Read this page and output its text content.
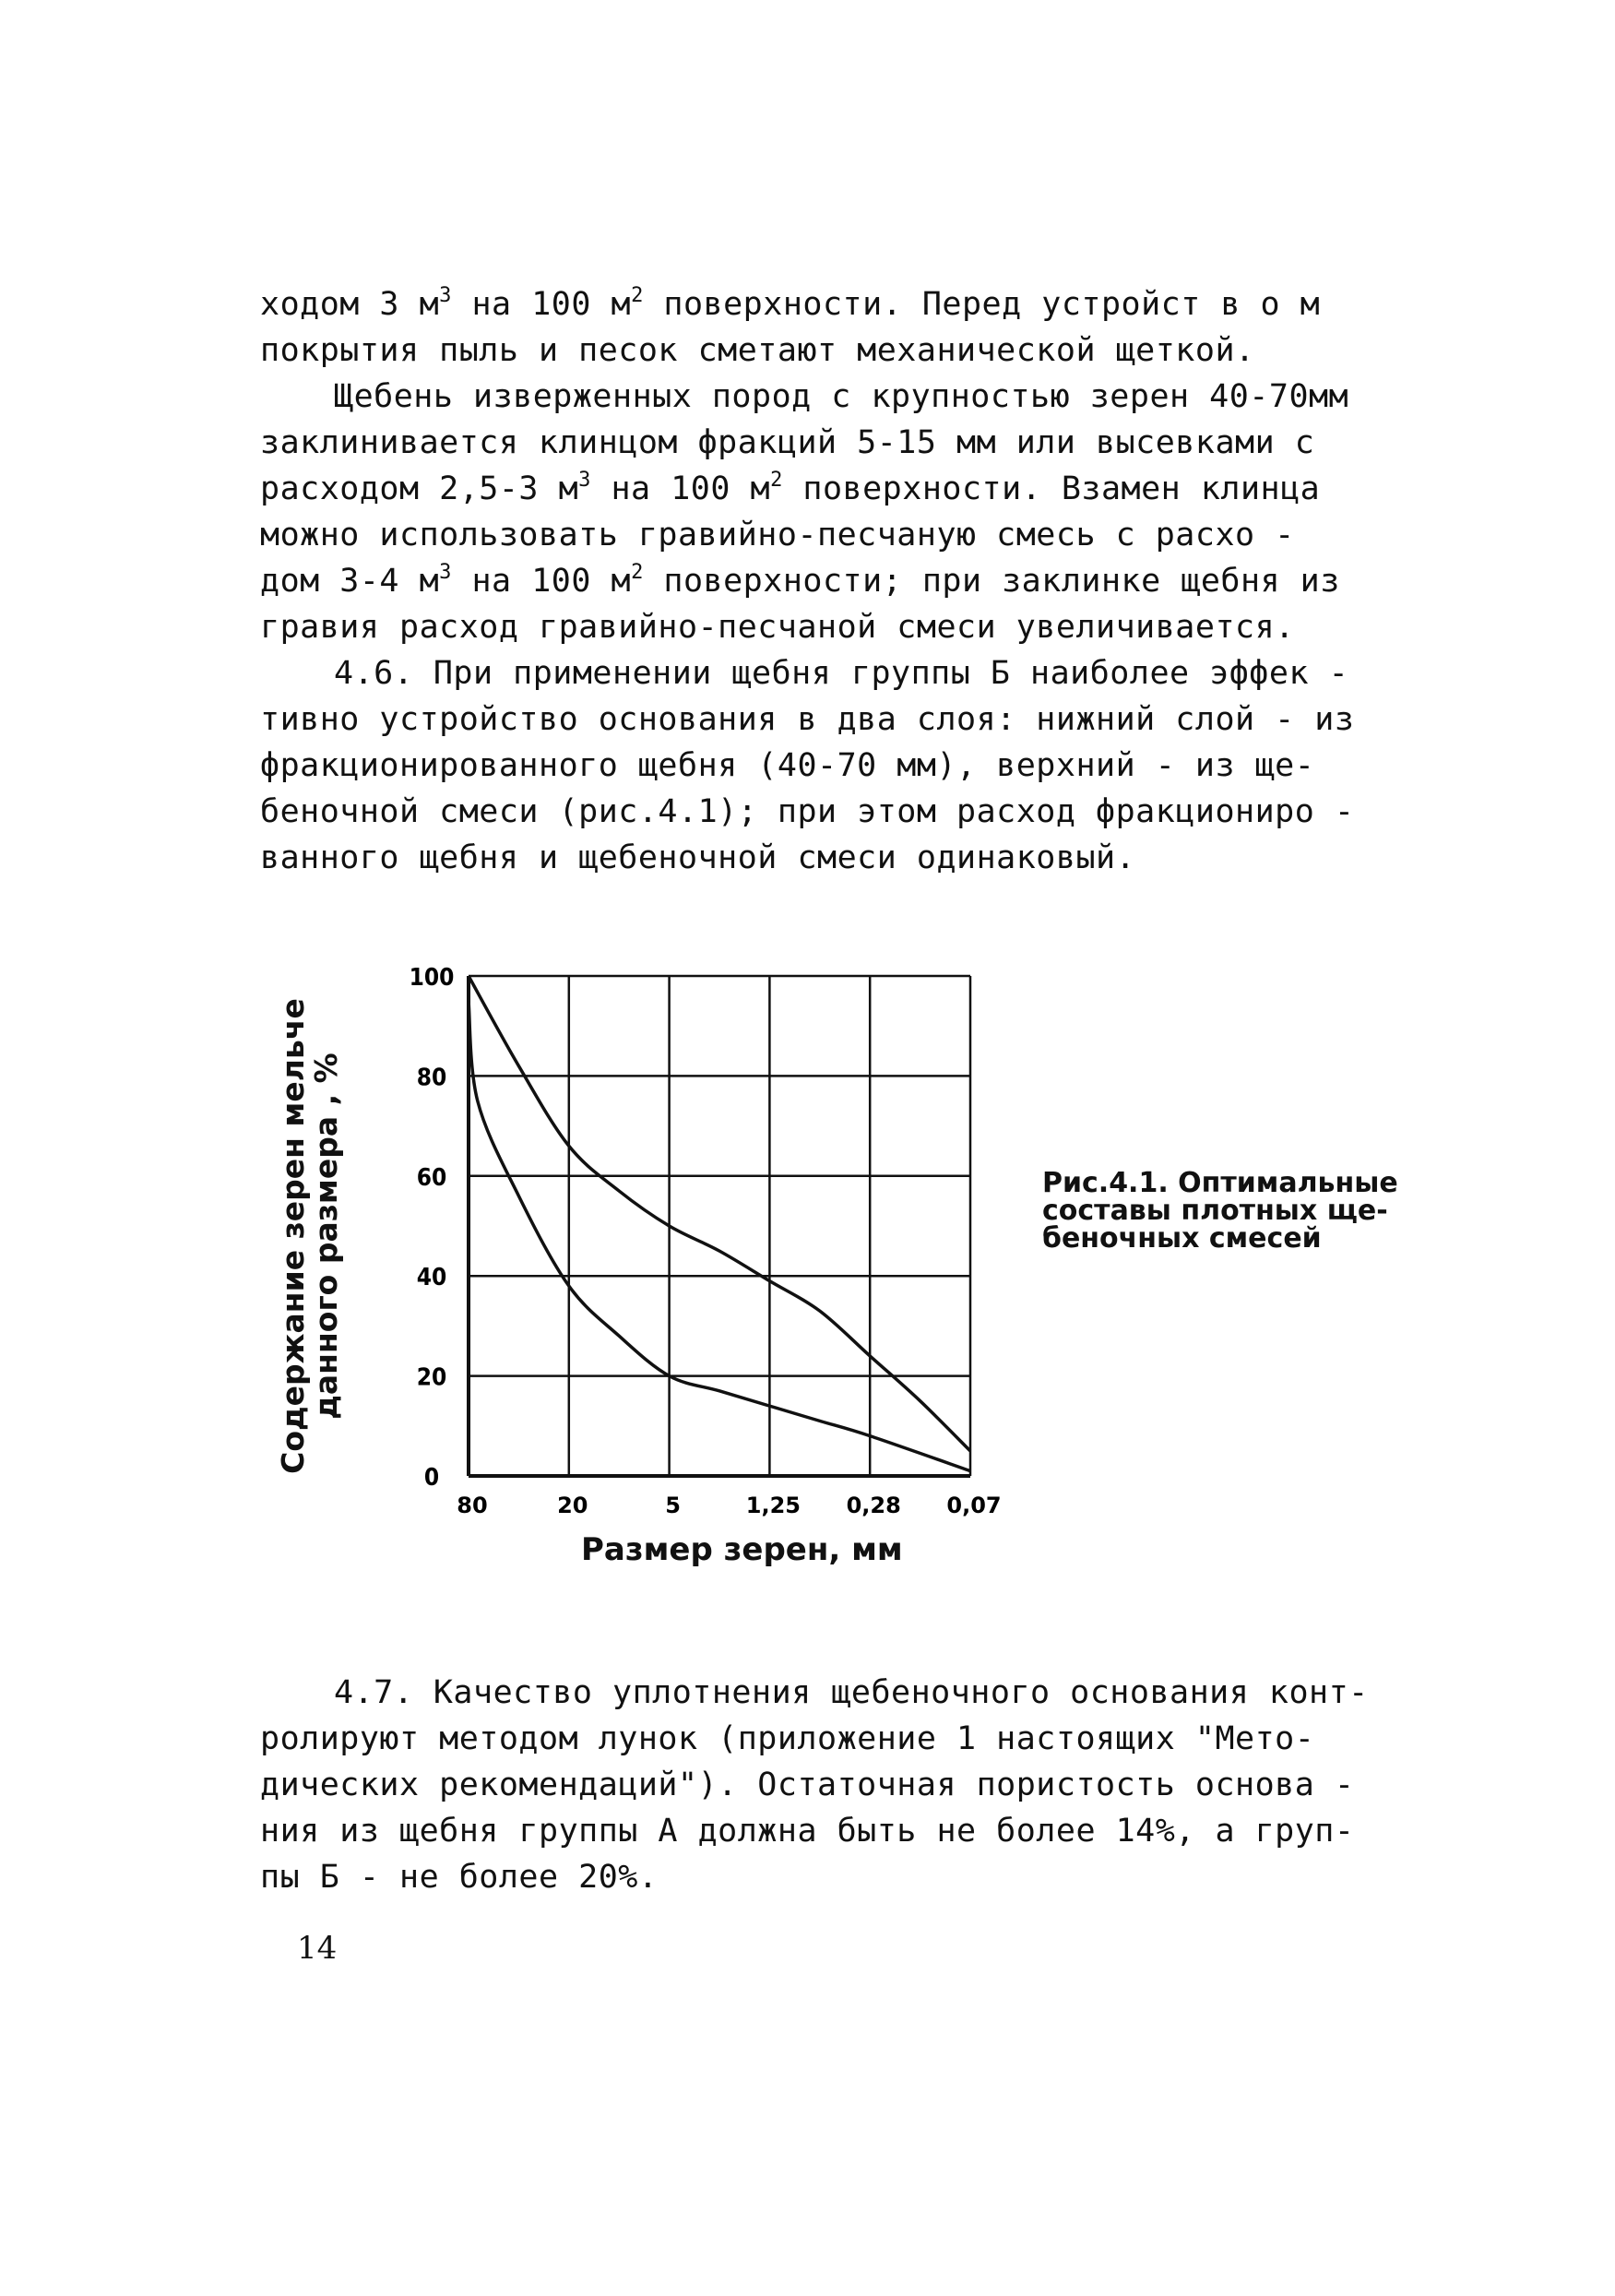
ходом 3 $м^3$ на 100 $м^2$ поверхности. Перед устройст в о м

покрытия пыль и песок сметают механической щеткой.

Щебень изверженных пород с крупностью зерен 40-70мм

заклинивается клинцом фракций 5-15 мм или высевками с

расходом 2,5-3 $м^3$ на 100 $м^2$ поверхности. Взамен клинца

можно использовать гравийно-песчаную смесь с расхо -

дом 3-4 $м^3$ на 100 $м^2$ поверхности; при заклинке щебня из

гравия расход гравийно-песчаной смеси увеличивается.

4.6. При применении щебня группы Б наиболее эффек -

тивно устройство основания в два слоя: нижний слой - из

фракционированного щебня (40-70 мм), верхний - из ще-

беночной смеси (рис.4.1); при этом расход фракциониро -

ванного щебня и щебеночной смеси одинаковый.

Содержание зерен мельче
данного размера , %
100
80
60
40
20
0
80	20	5	1,25 0,28 0,07
Размер зерен, мм
Рис.4.1. Оптимальные
составы плотных ще-
беночных смесей

4.7. Качество уплотнения щебеночного основания конт-

ролируют методом лунок (приложение 1 настоящих "Мето-

дических рекомендаций"). Остаточная пористость основа -

ния из щебня группы А должна быть не более 14%, а груп-

пы Б - не более 20%.

14
